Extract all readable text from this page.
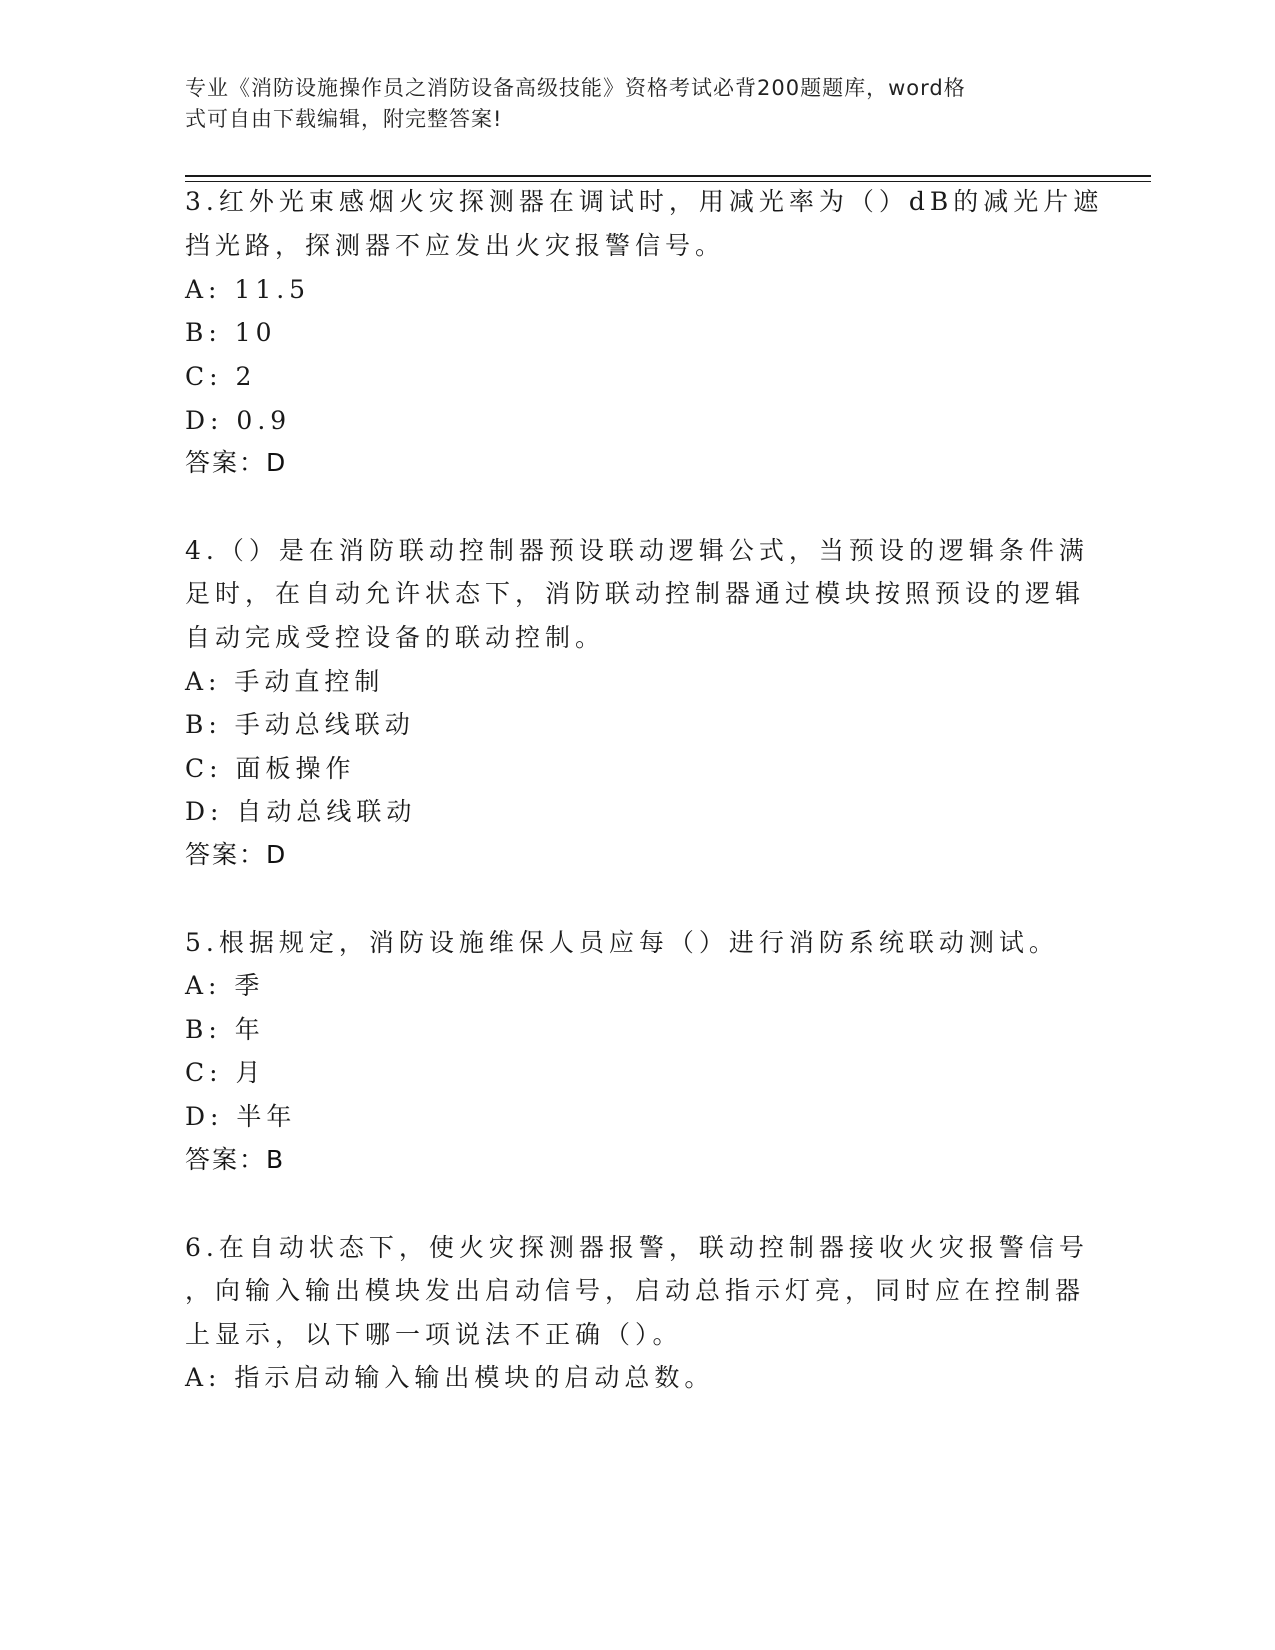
专业《消防设施操作员之消防设备高级技能》资格考试必背200题题库，word格
式可自由下载编辑，附完整答案!
3.红外光束感烟火灾探测器在调试时，用减光率为（）dB的减光片遮
挡光路，探测器不应发出火灾报警信号。
A: 11.5
B: 10
C: 2
D: 0.9
答案：D
4.（）是在消防联动控制器预设联动逻辑公式，当预设的逻辑条件满
足时，在自动允许状态下，消防联动控制器通过模块按照预设的逻辑
自动完成受控设备的联动控制。
A: 手动直控制
B: 手动总线联动
C: 面板操作
D: 自动总线联动
答案：D
5.根据规定，消防设施维保人员应每（）进行消防系统联动测试。
A: 季
B: 年
C: 月
D: 半年
答案：B
6.在自动状态下，使火灾探测器报警，联动控制器接收火灾报警信号
，向输入输出模块发出启动信号，启动总指示灯亮，同时应在控制器
上显示，以下哪一项说法不正确（）。
A: 指示启动输入输出模块的启动总数。
